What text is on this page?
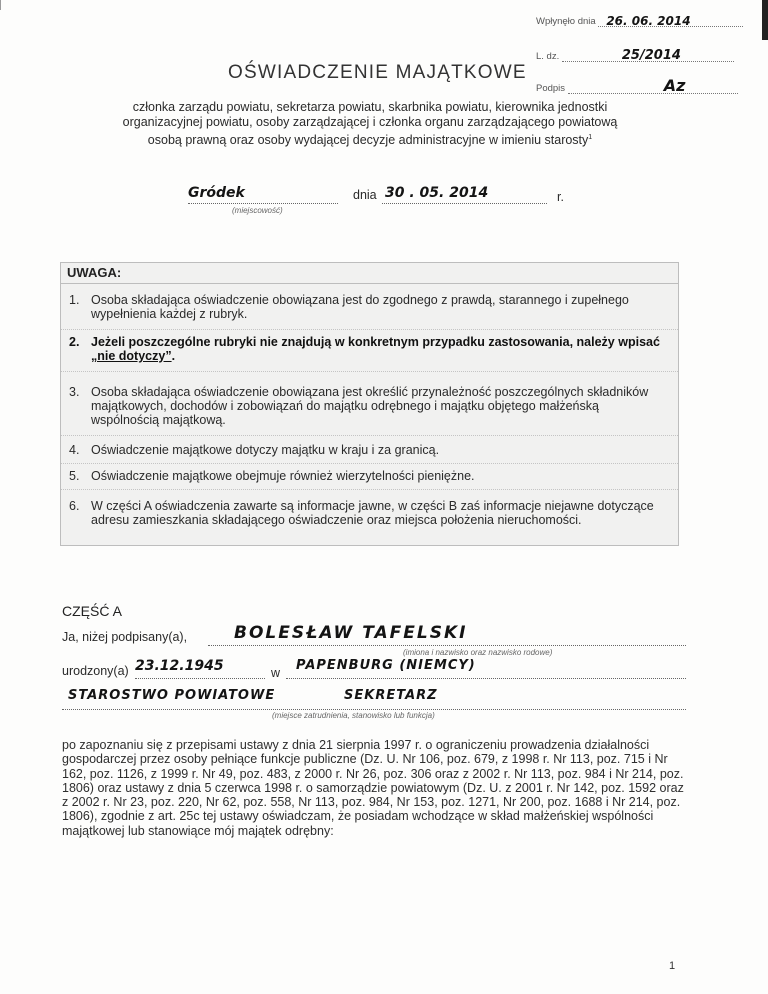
Wpłynęło dnia 26. 06. 2014
L. dz.	25/2014
Podpis	Az
OŚWIADCZENIE MAJĄTKOWE
członka zarządu powiatu, sekretarza powiatu, skarbnika powiatu, kierownika jednostki organizacyjnej powiatu, osoby zarządzającej i członka organu zarządzającego powiatową osobą prawną oraz osoby wydającej decyzje administracyjne w imieniu starosty$^1$
Gródek
(miejscowość)
dnia 30 . 05. 2014	r.
UWAGA:
1. Osoba składająca oświadczenie obowiązana jest do zgodnego z prawdą, starannego i zupełnego wypełnienia każdej z rubryk.
2. Jeżeli poszczególne rubryki nie znajdują w konkretnym przypadku zastosowania, należy wpisać „nie dotyczy”.
3. Osoba składająca oświadczenie obowiązana jest określić przynależność poszczególnych składników majątkowych, dochodów i zobowiązań do majątku odrębnego i majątku objętego małżeńską wspólnością majątkową.
4. Oświadczenie majątkowe dotyczy majątku w kraju i za granicą.
5. Oświadczenie majątkowe obejmuje również wierzytelności pieniężne.
6. W części A oświadczenia zawarte są informacje jawne, w części B zaś informacje niejawne dotyczące adresu zamieszkania składającego oświadczenie oraz miejsca położenia nieruchomości.
CZĘŚĆ A
Ja, niżej podpisany(a),	BOLESŁAW TAFELSKI
(imiona i nazwisko oraz nazwisko rodowe)
urodzony(a) 23.12.1945	w PAPENBURG (NIEMCY)
STAROSTWO POWIATOWE	SEKRETARZ
(miejsce zatrudnienia, stanowisko lub funkcja)
po zapoznaniu się z przepisami ustawy z dnia 21 sierpnia 1997 r. o ograniczeniu prowadzenia działalności gospodarczej przez osoby pełniące funkcje publiczne (Dz. U. Nr 106, poz. 679, z 1998 r. Nr 113, poz. 715 i Nr 162, poz. 1126, z 1999 r. Nr 49, poz. 483, z 2000 r. Nr 26, poz. 306 oraz z 2002 r. Nr 113, poz. 984 i Nr 214, poz. 1806) oraz ustawy z dnia 5 czerwca 1998 r. o samorządzie powiatowym (Dz. U. z 2001 r. Nr 142, poz. 1592 oraz z 2002 r. Nr 23, poz. 220, Nr 62, poz. 558, Nr 113, poz. 984, Nr 153, poz. 1271, Nr 200, poz. 1688 i Nr 214, poz. 1806), zgodnie z art. 25c tej ustawy oświadczam, że posiadam wchodzące w skład małżeńskiej wspólności majątkowej lub stanowiące mój majątek odrębny:
1
